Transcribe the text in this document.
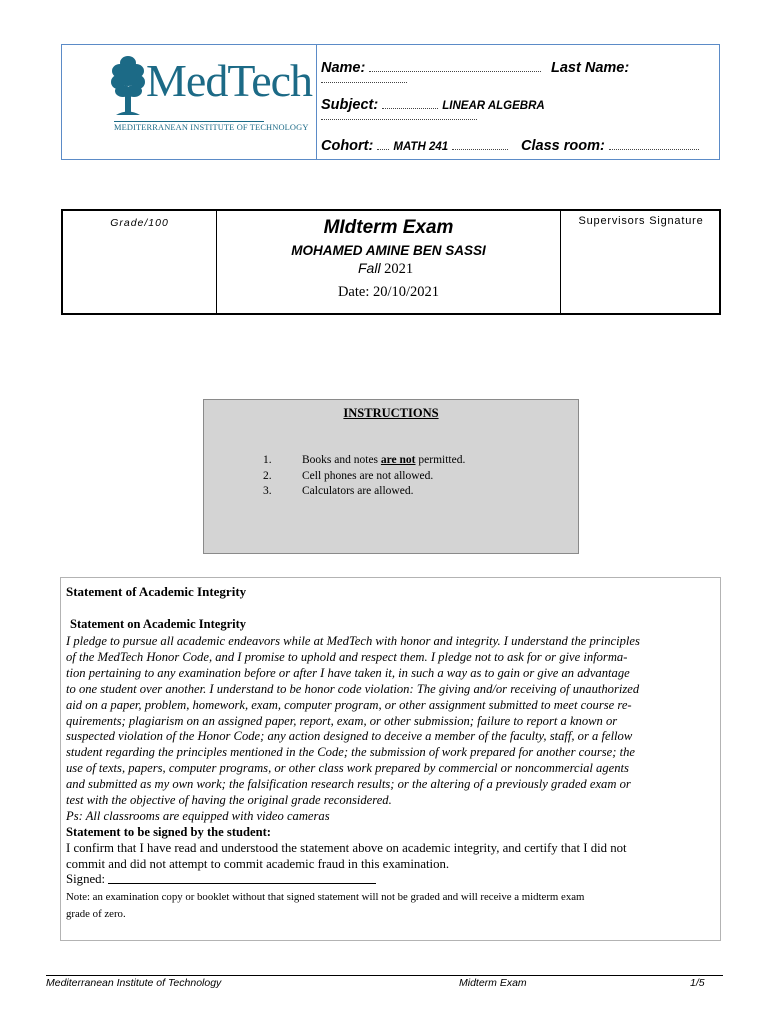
MedTech
MEDITERRANEAN INSTITUTE OF TECHNOLOGY
Name:	Last Name:
Subject:	LINEAR ALGEBRA
Cohort: MATH 241	Class room:
Grade/100	MIdterm Exam
MOHAMED AMINE BEN SASSI
Fall 2021
Date: 20/10/2021
Supervisors Signature
INSTRUCTIONS
1.	Books and notes are not permitted.
2.	Cell phones are not allowed.
3.	Calculators are allowed.
Statement of Academic Integrity
Statement on Academic Integrity
I pledge to pursue all academic endeavors while at MedTech with honor and integrity. I understand the principles
of the MedTech Honor Code, and I promise to uphold and respect them. I pledge not to ask for or give informa-
tion pertaining to any examination before or after I have taken it, in such a way as to gain or give an advantage
to one student over another. I understand to be honor code violation: The giving and/or receiving of unauthorized
aid on a paper, problem, homework, exam, computer program, or other assignment submitted to meet course re-
quirements; plagiarism on an assigned paper, report, exam, or other submission; failure to report a known or
suspected violation of the Honor Code; any action designed to deceive a member of the faculty, staff, or a fellow
student regarding the principles mentioned in the Code; the submission of work prepared for another course; the
use of texts, papers, computer programs, or other class work prepared by commercial or noncommercial agents
and submitted as my own work; the falsification research results; or the altering of a previously graded exam or
test with the objective of having the original grade reconsidered.
Ps: All classrooms are equipped with video cameras
Statement to be signed by the student:
I confirm that I have read and understood the statement above on academic integrity, and certify that I did not
commit and did not attempt to commit academic fraud in this examination.
Signed:
Note: an examination copy or booklet without that signed statement will not be graded and will receive a midterm exam
grade of zero.
Mediterranean Institute of Technology	Midterm Exam	1/5
